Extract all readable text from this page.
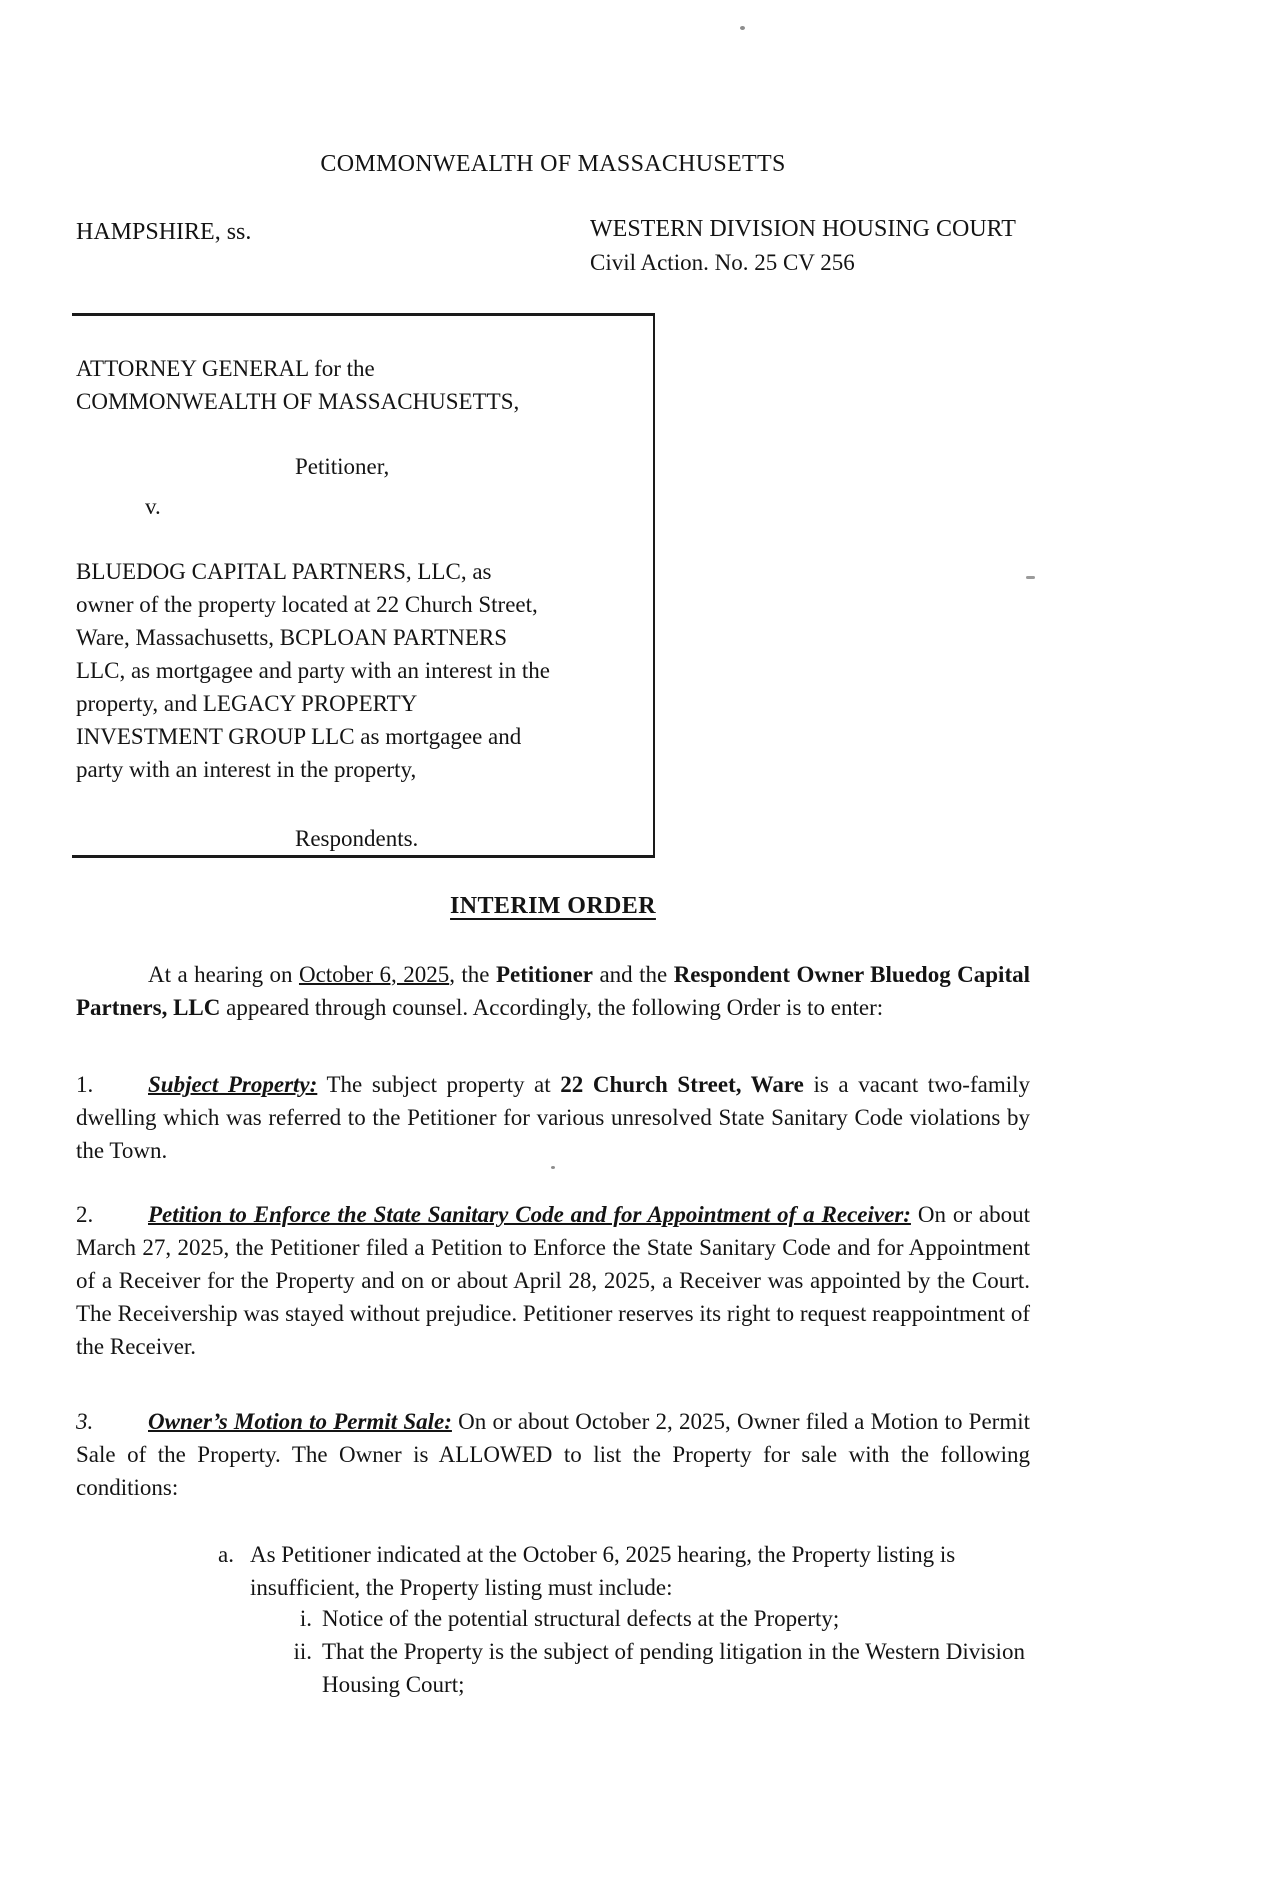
COMMONWEALTH OF MASSACHUSETTS
HAMPSHIRE, ss.	WESTERN DIVISION HOUSING COURT
Civil Action. No. 25 CV 256
ATTORNEY GENERAL for the
COMMONWEALTH OF MASSACHUSETTS,
Petitioner,
v.
BLUEDOG CAPITAL PARTNERS, LLC, as
owner of the property located at 22 Church Street,
Ware, Massachusetts, BCPLOAN PARTNERS
LLC, as mortgagee and party with an interest in the
property, and LEGACY PROPERTY
INVESTMENT GROUP LLC as mortgagee and
party with an interest in the property,
Respondents.
INTERIM ORDER

At a hearing on October 6, 2025, the Petitioner and the Respondent Owner Bluedog Capital Partners, LLC appeared through counsel. Accordingly, the following Order is to enter:

1. Subject Property: The subject property at 22 Church Street, Ware is a vacant two-family dwelling which was referred to the Petitioner for various unresolved State Sanitary Code violations by the Town.
2. Petition to Enforce the State Sanitary Code and for Appointment of a Receiver: On or about March 27, 2025, the Petitioner filed a Petition to Enforce the State Sanitary Code and for Appointment of a Receiver for the Property and on or about April 28, 2025, a Receiver was appointed by the Court. The Receivership was stayed without prejudice. Petitioner reserves its right to request reappointment of the Receiver.
3. Owner’s Motion to Permit Sale: On or about October 2, 2025, Owner filed a Motion to Permit Sale of the Property. The Owner is ALLOWED to list the Property for sale with the following conditions:
a. As Petitioner indicated at the October 6, 2025 hearing, the Property listing is insufficient, the Property listing must include:
i. Notice of the potential structural defects at the Property;
ii. That the Property is the subject of pending litigation in the Western Division Housing Court;
